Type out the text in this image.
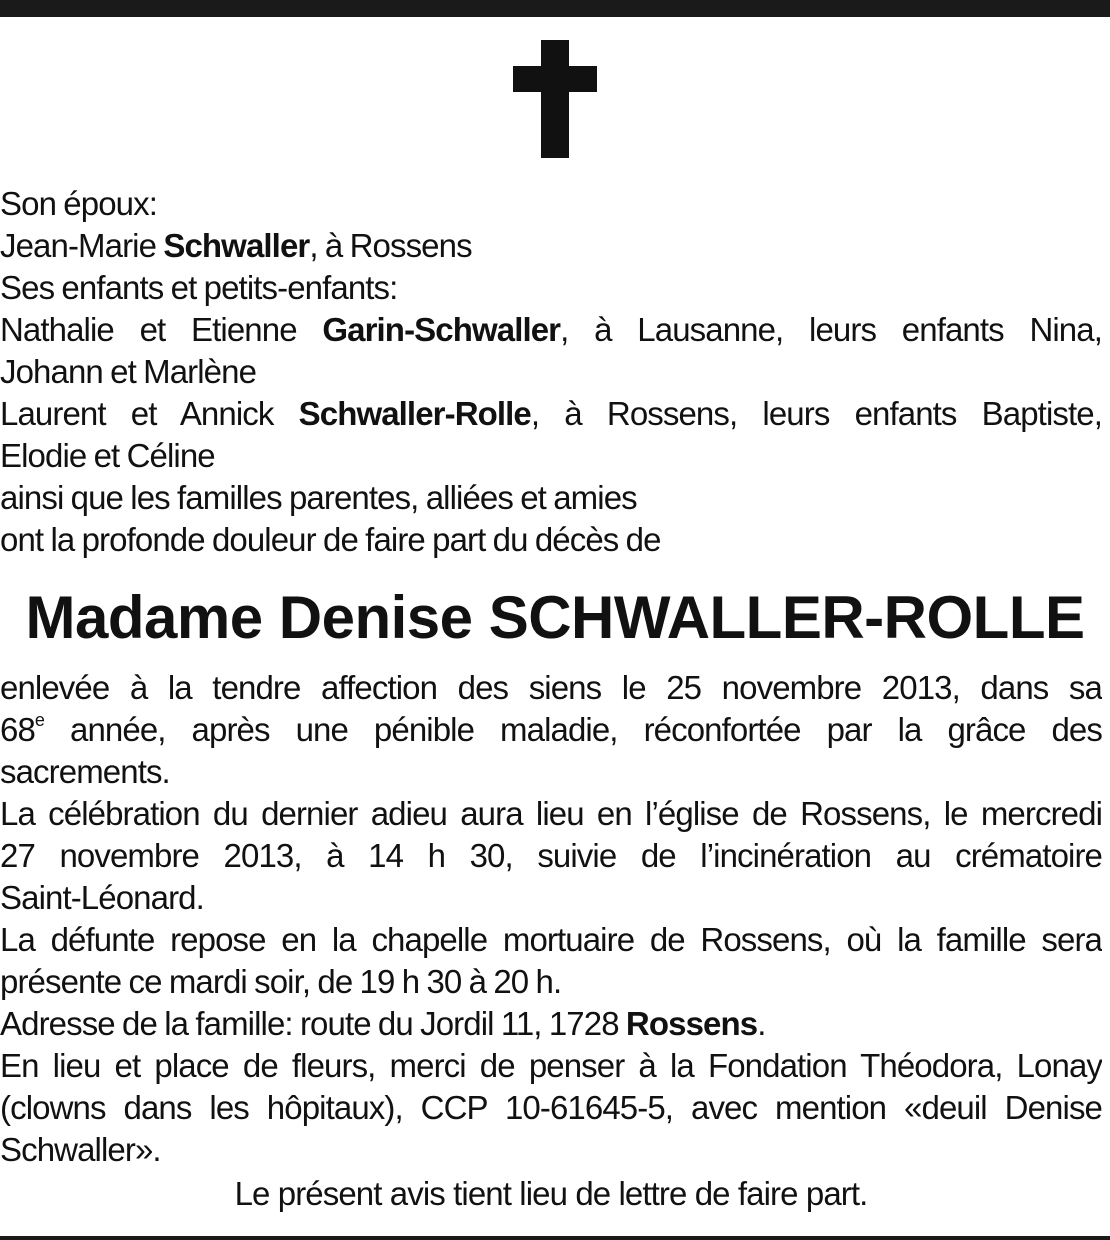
Son époux:
Jean-Marie Schwaller, à Rossens
Ses enfants et petits-enfants:
Nathalie et Etienne Garin-Schwaller, à Lausanne, leurs enfants Nina,
Johann et Marlène
Laurent et Annick Schwaller-Rolle, à Rossens, leurs enfants Baptiste,
Elodie et Céline
ainsi que les familles parentes, alliées et amies
ont la profonde douleur de faire part du décès de
Madame Denise SCHWALLER-ROLLE
enlevée à la tendre affection des siens le 25 novembre 2013, dans sa
68e année, après une pénible maladie, réconfortée par la grâce des
sacrements.
La célébration du dernier adieu aura lieu en l’église de Rossens, le mercredi
27 novembre 2013, à 14 h 30, suivie de l’incinération au crématoire
Saint-Léonard.
La défunte repose en la chapelle mortuaire de Rossens, où la famille sera
présente ce mardi soir, de 19 h 30 à 20 h.
Adresse de la famille: route du Jordil 11, 1728 Rossens.
En lieu et place de fleurs, merci de penser à la Fondation Théodora, Lonay
(clowns dans les hôpitaux), CCP 10-61645-5, avec mention «deuil Denise
Schwaller».
Le présent avis tient lieu de lettre de faire part.
